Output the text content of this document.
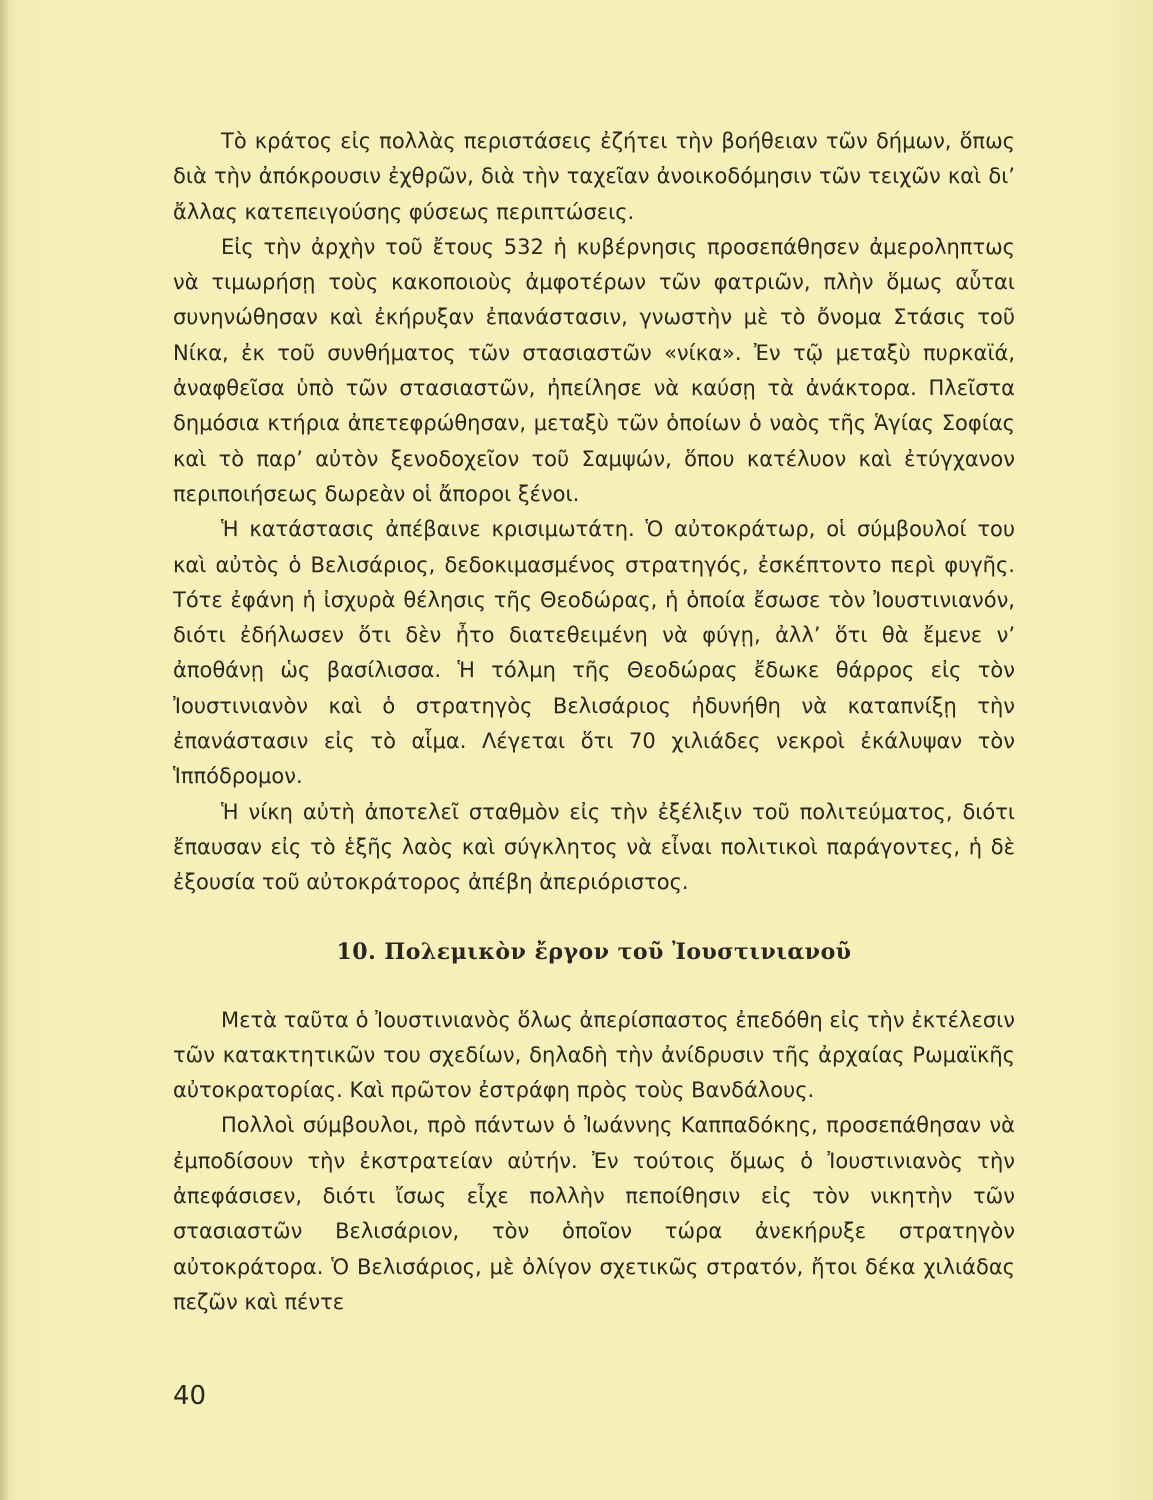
Τὸ κράτος εἰς πολλὰς περιστάσεις ἐζήτει τὴν βοήθειαν τῶν δήμων, ὅπως διὰ τὴν ἀπόκρουσιν ἐχθρῶν, διὰ τὴν ταχεῖαν ἀνοικοδόμησιν τῶν τειχῶν καὶ δι’ ἄλλας κατεπειγούσης φύσεως περιπτώσεις.

Εἰς τὴν ἀρχὴν τοῦ ἔτους 532 ἡ κυβέρνησις προσεπάθησεν ἀμεροληπτως νὰ τιμωρήσῃ τοὺς κακοποιοὺς ἀμφοτέρων τῶν φατριῶν, πλὴν ὅμως αὗται συνηνώθησαν καὶ ἐκήρυξαν ἐπανάστασιν, γνωστὴν μὲ τὸ ὄνομα Στάσις τοῦ Νίκα, ἐκ τοῦ συνθήματος τῶν στασιαστῶν «νίκα». Ἐν τῷ μεταξὺ πυρκαϊά, ἀναφθεῖσα ὑπὸ τῶν στασιαστῶν, ἠπείλησε νὰ καύσῃ τὰ ἀνάκτορα. Πλεῖστα δημόσια κτήρια ἀπετεφρώθησαν, μεταξὺ τῶν ὁποίων ὁ ναὸς τῆς Ἁγίας Σοφίας καὶ τὸ παρ’ αὐτὸν ξενοδοχεῖον τοῦ Σαμψών, ὅπου κατέλυον καὶ ἐτύγχανον περιποιήσεως δωρεὰν οἱ ἄποροι ξένοι.

Ἡ κατάστασις ἀπέβαινε κρισιμωτάτη. Ὁ αὐτοκράτωρ, οἱ σύμβουλοί του καὶ αὐτὸς ὁ Βελισάριος, δεδοκιμασμένος στρατηγός, ἐσκέπτοντο περὶ φυγῆς. Τότε ἐφάνη ἡ ἰσχυρὰ θέλησις τῆς Θεοδώρας, ἡ ὁποία ἔσωσε τὸν Ἰουστινιανόν, διότι ἐδήλωσεν ὅτι δὲν ἦτο διατεθειμένη νὰ φύγῃ, ἀλλ’ ὅτι θὰ ἔμενε ν’ ἀποθάνῃ ὡς βασίλισσα. Ἡ τόλμη τῆς Θεοδώρας ἔδωκε θάρρος εἰς τὸν Ἰουστινιανὸν καὶ ὁ στρατηγὸς Βελισάριος ἠδυνήθη νὰ καταπνίξῃ τὴν ἐπανάστασιν εἰς τὸ αἷμα. Λέγεται ὅτι 70 χιλιάδες νεκροὶ ἐκάλυψαν τὸν Ἱππόδρομον.

Ἡ νίκη αὐτὴ ἀποτελεῖ σταθμὸν εἰς τὴν ἐξέλιξιν τοῦ πολιτεύματος, διότι ἔπαυσαν εἰς τὸ ἑξῆς λαὸς καὶ σύγκλητος νὰ εἶναι πολιτικοὶ παράγοντες, ἡ δὲ ἐξουσία τοῦ αὐτοκράτορος ἀπέβη ἀπεριόριστος.

10. Πολεμικὸν ἔργον τοῦ Ἰουστινιανοῦ

Μετὰ ταῦτα ὁ Ἰουστινιανὸς ὅλως ἀπερίσπαστος ἐπεδόθη εἰς τὴν ἐκτέλεσιν τῶν κατακτητικῶν του σχεδίων, δηλαδὴ τὴν ἀνίδρυσιν τῆς ἀρχαίας Ρωμαϊκῆς αὐτοκρατορίας. Καὶ πρῶτον ἐστράφη πρὸς τοὺς Βανδάλους.

Πολλοὶ σύμβουλοι, πρὸ πάντων ὁ Ἰωάννης Καππαδόκης, προσεπάθησαν νὰ ἐμποδίσουν τὴν ἐκστρατείαν αὐτήν. Ἐν τούτοις ὅμως ὁ Ἰουστινιανὸς τὴν ἀπεφάσισεν, διότι ἴσως εἶχε πολλὴν πεποίθησιν εἰς τὸν νικητὴν τῶν στασιαστῶν Βελισάριον, τὸν ὁποῖον τώρα ἀνεκήρυξε στρατηγὸν αὐτοκράτορα. Ὁ Βελισάριος, μὲ ὀλίγον σχετικῶς στρατόν, ἤτοι δέκα χιλιάδας πεζῶν καὶ πέντε

40
